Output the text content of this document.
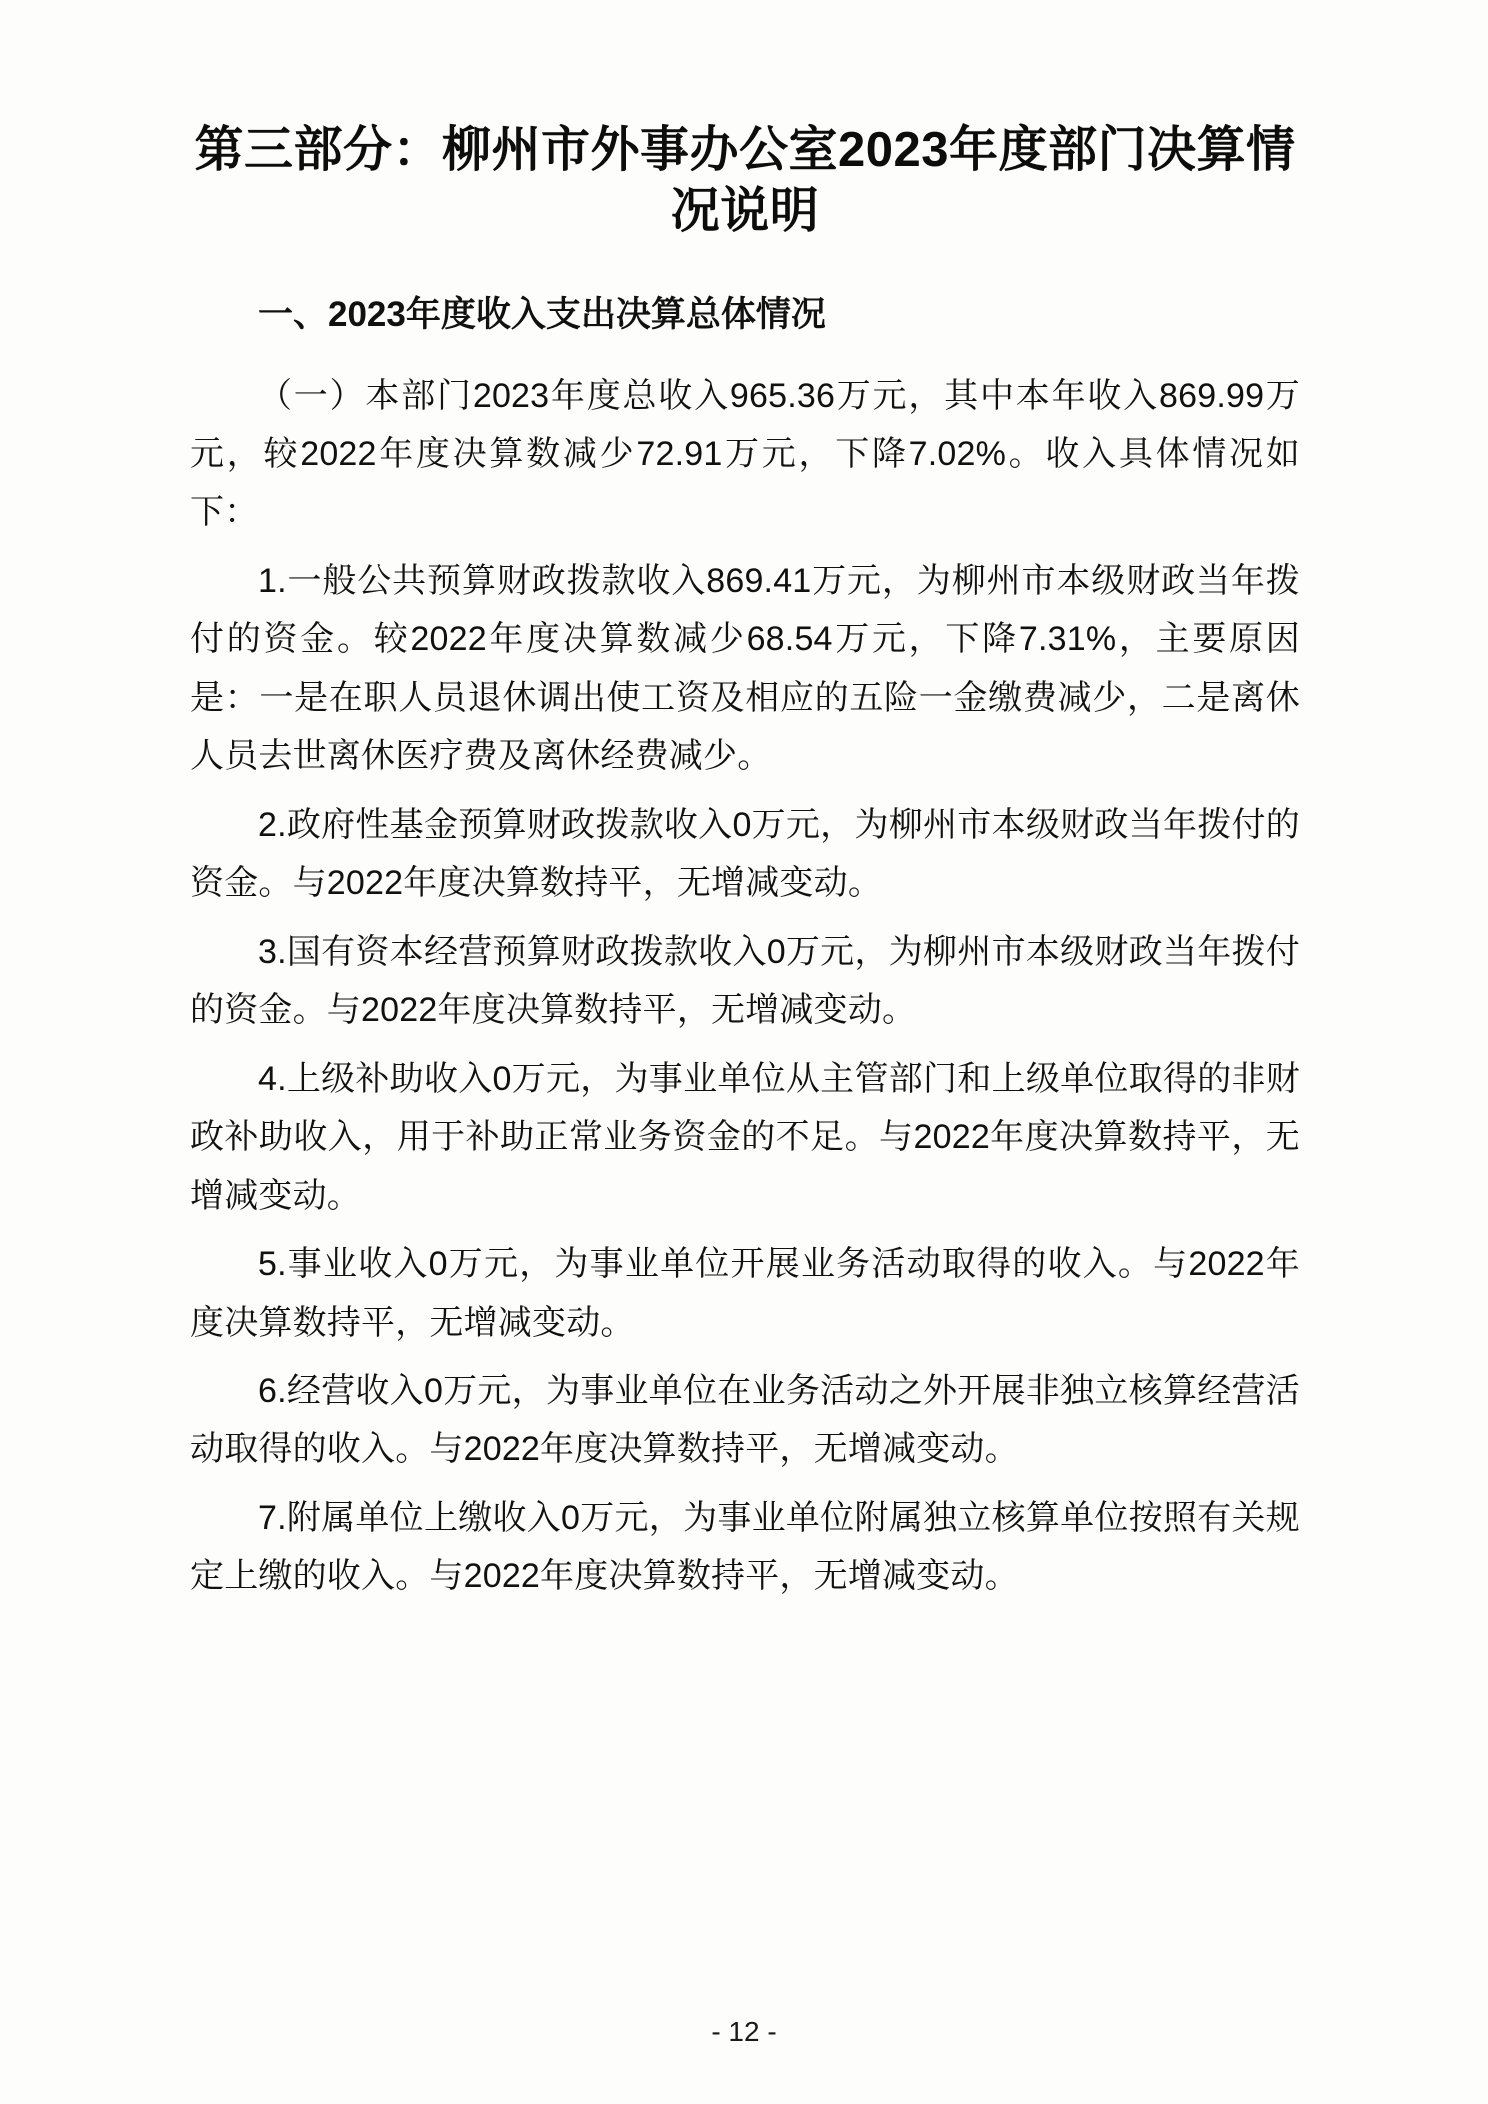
第三部分：柳州市外事办公室2023年度部门决算情况说明
一、2023年度收入支出决算总体情况

（一）本部门2023年度总收入965.36万元，其中本年收入869.99万元，较2022年度决算数减少72.91万元，下降7.02%。收入具体情况如下：

1.一般公共预算财政拨款收入869.41万元，为柳州市本级财政当年拨付的资金。较2022年度决算数减少68.54万元，下降7.31%，主要原因是：一是在职人员退休调出使工资及相应的五险一金缴费减少，二是离休人员去世离休医疗费及离休经费减少。

2.政府性基金预算财政拨款收入0万元，为柳州市本级财政当年拨付的资金。与2022年度决算数持平，无增减变动。

3.国有资本经营预算财政拨款收入0万元，为柳州市本级财政当年拨付的资金。与2022年度决算数持平，无增减变动。

4.上级补助收入0万元，为事业单位从主管部门和上级单位取得的非财政补助收入，用于补助正常业务资金的不足。与2022年度决算数持平，无增减变动。

5.事业收入0万元，为事业单位开展业务活动取得的收入。与2022年度决算数持平，无增减变动。

6.经营收入0万元，为事业单位在业务活动之外开展非独立核算经营活动取得的收入。与2022年度决算数持平，无增减变动。

7.附属单位上缴收入0万元，为事业单位附属独立核算单位按照有关规定上缴的收入。与2022年度决算数持平，无增减变动。

- 12 -
